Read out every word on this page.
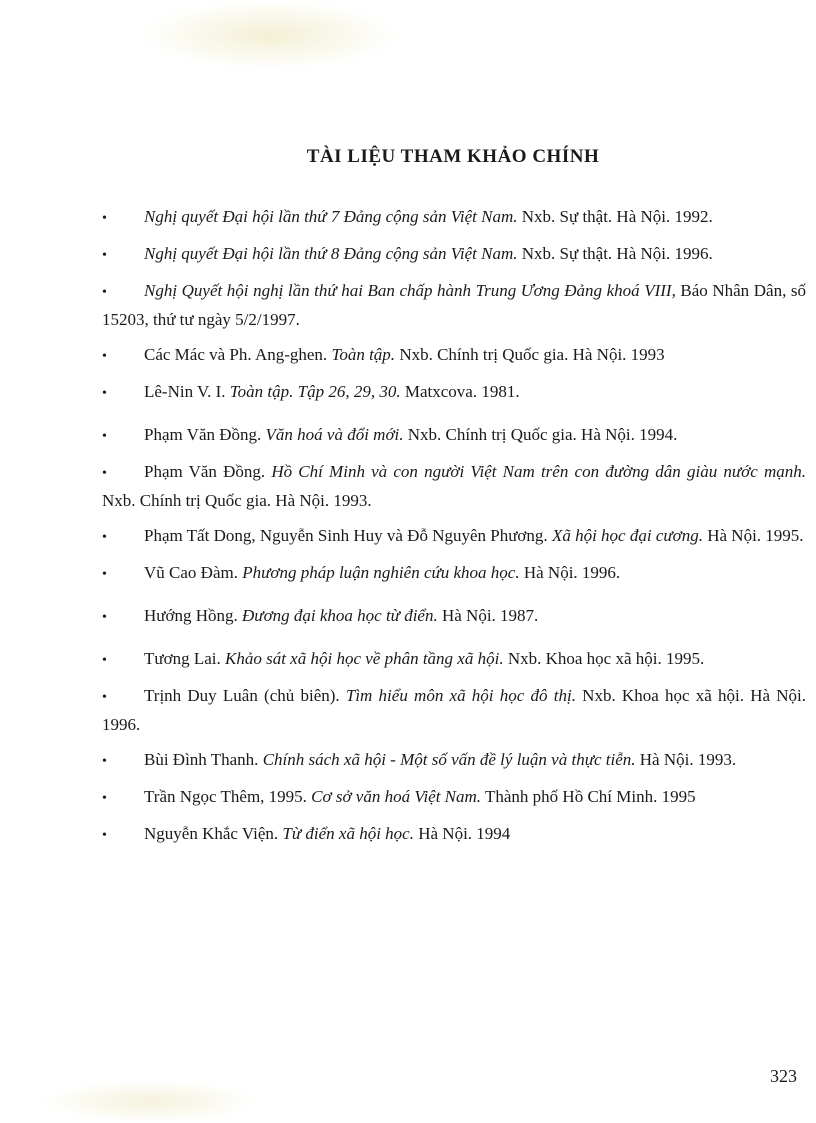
TÀI LIỆU THAM KHẢO CHÍNH
• Nghị quyết Đại hội lần thứ 7 Đảng cộng sản Việt Nam. Nxb. Sự thật. Hà Nội. 1992.
• Nghị quyết Đại hội lần thứ 8 Đảng cộng sản Việt Nam. Nxb. Sự thật. Hà Nội. 1996.
• Nghị Quyết hội nghị lần thứ hai Ban chấp hành Trung Ương Đảng khoá VIII, Báo Nhân Dân, số 15203, thứ tư ngày 5/2/1997.
• Các Mác và Ph. Ang-ghen. Toàn tập. Nxb. Chính trị Quốc gia. Hà Nội. 1993
• Lê-Nin V. I. Toàn tập. Tập 26, 29, 30. Matxcova. 1981.
• Phạm Văn Đồng. Văn hoá và đổi mới. Nxb. Chính trị Quốc gia. Hà Nội. 1994.
• Phạm Văn Đồng. Hồ Chí Minh và con người Việt Nam trên con đường dân giàu nước mạnh. Nxb. Chính trị Quốc gia. Hà Nội. 1993.
• Phạm Tất Dong, Nguyễn Sinh Huy và Đỗ Nguyên Phương. Xã hội học đại cương. Hà Nội. 1995.
• Vũ Cao Đàm. Phương pháp luận nghiên cứu khoa học. Hà Nội. 1996.
• Hướng Hồng. Đương đại khoa học từ điển. Hà Nội. 1987.
• Tương Lai. Khảo sát xã hội học về phân tầng xã hội. Nxb. Khoa học xã hội. 1995.
• Trịnh Duy Luân (chủ biên). Tìm hiểu môn xã hội học đô thị. Nxb. Khoa học xã hội. Hà Nội. 1996.
• Bùi Đình Thanh. Chính sách xã hội - Một số vấn đề lý luận và thực tiễn. Hà Nội. 1993.
• Trần Ngọc Thêm, 1995. Cơ sở văn hoá Việt Nam. Thành phố Hồ Chí Minh. 1995
• Nguyễn Khắc Viện. Từ điển xã hội học. Hà Nội. 1994

323
